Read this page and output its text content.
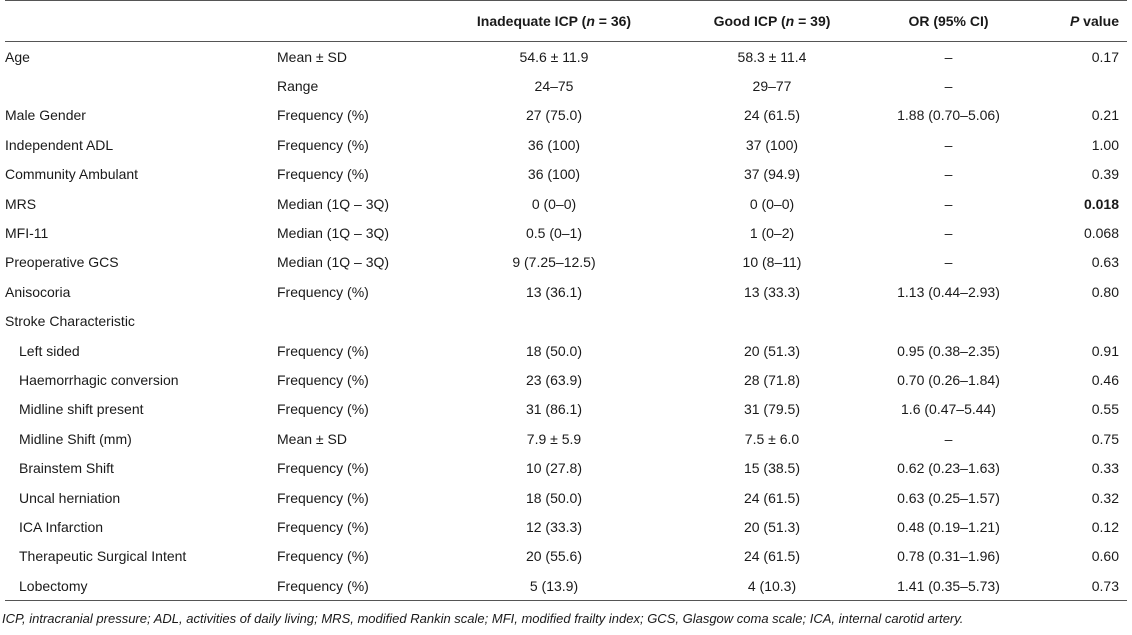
		Inadequate ICP (n = 36)	Good ICP (n = 39)	OR (95% CI)	P value
Age	Mean ± SD	54.6 ± 11.9	58.3 ± 11.4	–	0.17
	Range	24–75	29–77	–	
Male Gender	Frequency (%)	27 (75.0)	24 (61.5)	1.88 (0.70–5.06)	0.21
Independent ADL	Frequency (%)	36 (100)	37 (100)	–	1.00
Community Ambulant	Frequency (%)	36 (100)	37 (94.9)	–	0.39
MRS	Median (1Q – 3Q)	0 (0–0)	0 (0–0)	–	0.018
MFI-11	Median (1Q – 3Q)	0.5 (0–1)	1 (0–2)	–	0.068
Preoperative GCS	Median (1Q – 3Q)	9 (7.25–12.5)	10 (8–11)	–	0.63
Anisocoria	Frequency (%)	13 (36.1)	13 (33.3)	1.13 (0.44–2.93)	0.80
Stroke Characteristic					
Left sided	Frequency (%)	18 (50.0)	20 (51.3)	0.95 (0.38–2.35)	0.91
Haemorrhagic conversion	Frequency (%)	23 (63.9)	28 (71.8)	0.70 (0.26–1.84)	0.46
Midline shift present	Frequency (%)	31 (86.1)	31 (79.5)	1.6 (0.47–5.44)	0.55
Midline Shift (mm)	Mean ± SD	7.9 ± 5.9	7.5 ± 6.0	–	0.75
Brainstem Shift	Frequency (%)	10 (27.8)	15 (38.5)	0.62 (0.23–1.63)	0.33
Uncal herniation	Frequency (%)	18 (50.0)	24 (61.5)	0.63 (0.25–1.57)	0.32
ICA Infarction	Frequency (%)	12 (33.3)	20 (51.3)	0.48 (0.19–1.21)	0.12
Therapeutic Surgical Intent	Frequency (%)	20 (55.6)	24 (61.5)	0.78 (0.31–1.96)	0.60
Lobectomy	Frequency (%)	5 (13.9)	4 (10.3)	1.41 (0.35–5.73)	0.73
ICP, intracranial pressure; ADL, activities of daily living; MRS, modified Rankin scale; MFI, modified frailty index; GCS, Glasgow coma scale; ICA, internal carotid artery.
